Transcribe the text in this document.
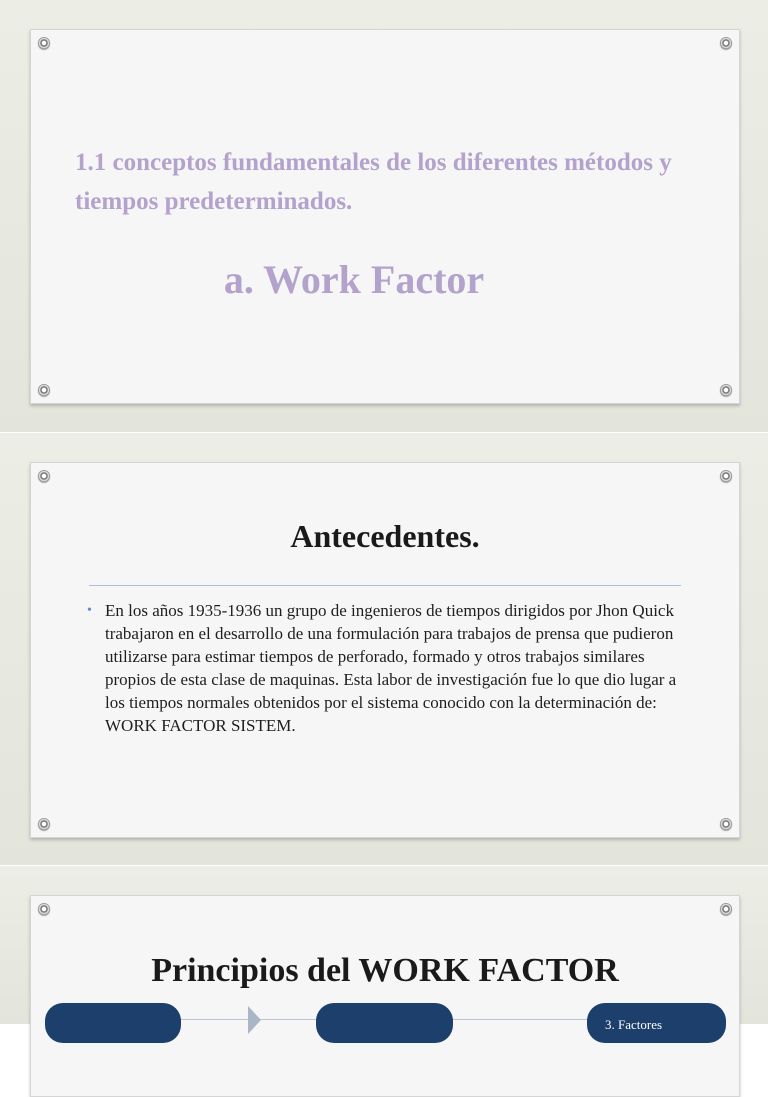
1.1 conceptos fundamentales de los diferentes métodos y tiempos predeterminados.
a. Work Factor
Antecedentes.
• En los años 1935-1936 un grupo de ingenieros de tiempos dirigidos por Jhon Quick trabajaron en el desarrollo de una formulación para trabajos de prensa que pudieron utilizarse para estimar tiempos de perforado, formado y otros trabajos similares propios de esta clase de maquinas. Esta labor de investigación fue lo que dio lugar a los tiempos normales obtenidos por el sistema conocido con la determinación de: WORK FACTOR SISTEM.
Principios del WORK FACTOR
3. Factores
